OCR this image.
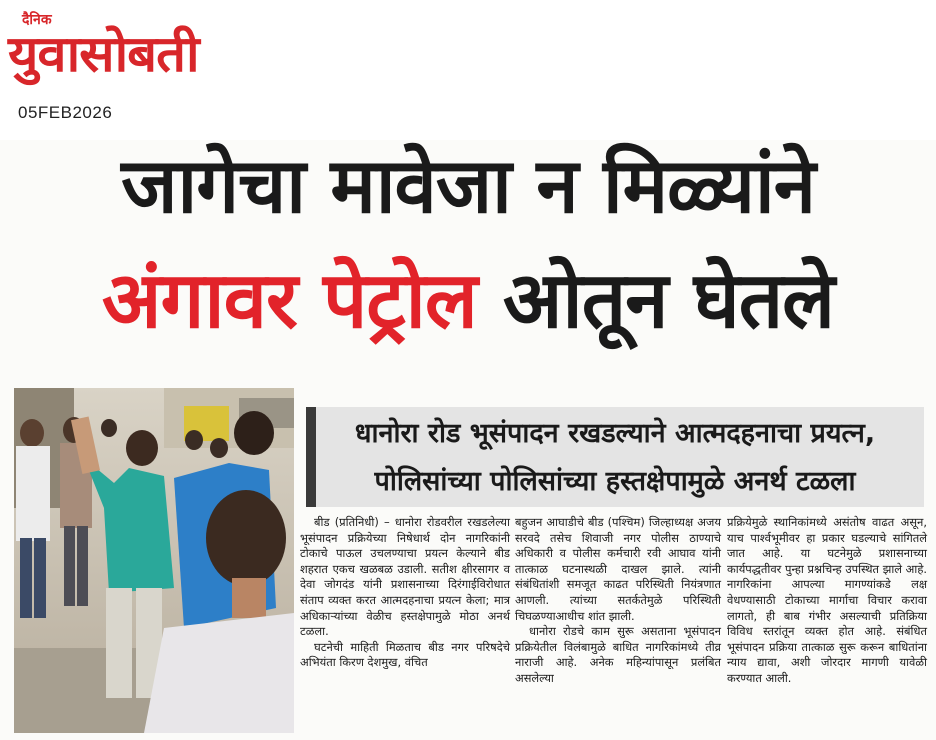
दैनिक
युवासोबती
05FEB2026
जागेचा मावेजा न मिळ्यांने
अंगावर पेट्रोल ओतून घेतले
धानोरा रोड भूसंपादन रखडल्याने आत्मदहनाचा प्रयत्न,
पोलिसांच्या पोलिसांच्या हस्तक्षेपामुळे अनर्थ टळला

बीड (प्रतिनिधी) – धानोरा रोडवरील रखडलेल्या भूसंपादन प्रक्रियेच्या निषेधार्थ दोन नागरिकांनी टोकाचे पाऊल उचलण्याचा प्रयत्न केल्याने बीड शहरात एकच खळबळ उडाली. सतीश क्षीरसागर व देवा जोगदंड यांनी प्रशासनाच्या दिरंगाईविरोधात संताप व्यक्त करत आत्मदहनाचा प्रयत्न केला; मात्र अधिकाऱ्यांच्या वेळीच हस्तक्षेपामुळे मोठा अनर्थ टळला.

घटनेची माहिती मिळताच बीड नगर परिषदेचे अभियंता किरण देशमुख, वंचित

बहुजन आघाडीचे बीड (पश्चिम) जिल्हाध्यक्ष अजय सरवदे तसेच शिवाजी नगर पोलीस ठाण्याचे अधिकारी व पोलीस कर्मचारी रवी आघाव यांनी तात्काळ घटनास्थळी दाखल झाले. त्यांनी संबंधितांशी समजूत काढत परिस्थिती नियंत्रणात आणली. त्यांच्या सतर्कतेमुळे परिस्थिती चिघळण्याआधीच शांत झाली.

धानोरा रोडचे काम सुरू असताना भूसंपादन प्रक्रियेतील विलंबामुळे बाधित नागरिकांमध्ये तीव्र नाराजी आहे. अनेक महिन्यांपासून प्रलंबित असलेल्या

प्रक्रियेमुळे स्थानिकांमध्ये असंतोष वाढत असून, याच पार्श्वभूमीवर हा प्रकार घडल्याचे सांगितले जात आहे. या घटनेमुळे प्रशासनाच्या कार्यपद्धतीवर पुन्हा प्रश्नचिन्ह उपस्थित झाले आहे. नागरिकांना आपल्या मागण्यांकडे लक्ष वेधण्यासाठी टोकाच्या मार्गाचा विचार करावा लागतो, ही बाब गंभीर असल्याची प्रतिक्रिया विविध स्तरांतून व्यक्त होत आहे. संबंधित भूसंपादन प्रक्रिया तात्काळ सुरू करून बाधितांना न्याय द्यावा, अशी जोरदार मागणी यावेळी करण्यात आली.
